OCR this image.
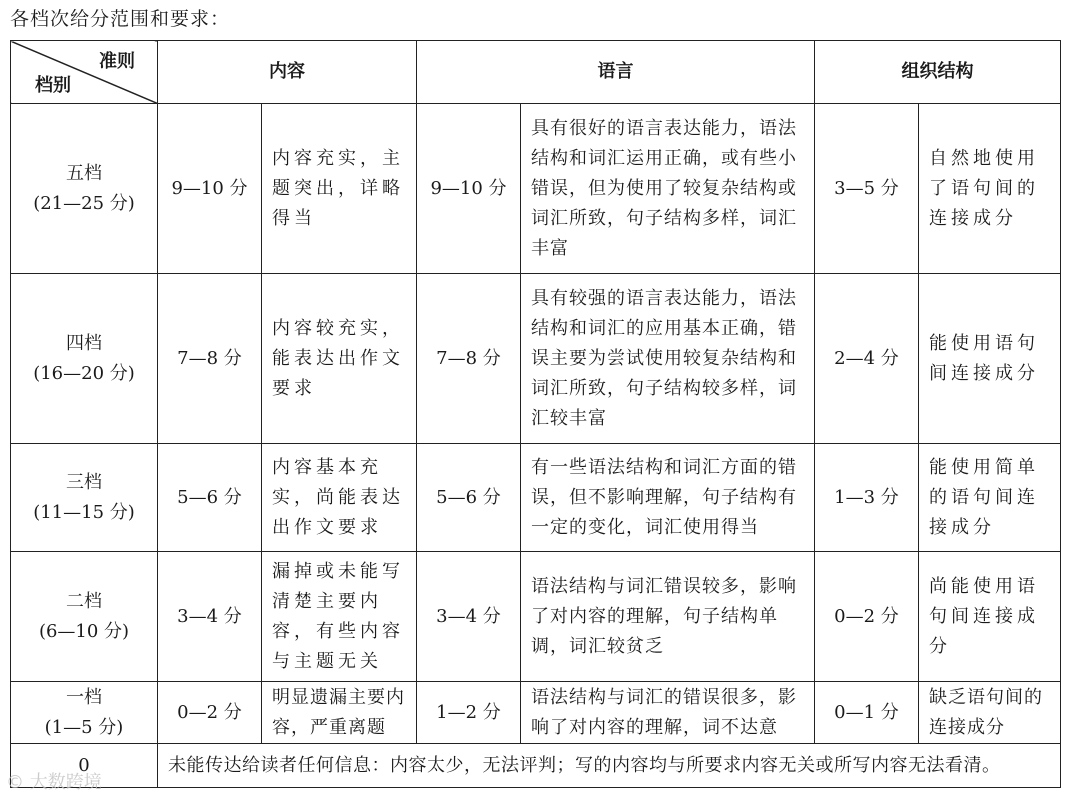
各档次给分范围和要求：
准则
档别	内容		语言		组织结构	

五档
(21—25 分)	9—10 分	内容充实，主题突出，详略得当	9—10 分	具有很好的语言表达能力，语法结构和词汇运用正确，或有些小错误，但为使用了较复杂结构或词汇所致，句子结构多样，词汇丰富	3—5 分	自然地使用了语句间的连接成分

四档
(16—20 分)	7—8 分	内容较充实，能表达出作文要求	7—8 分	具有较强的语言表达能力，语法结构和词汇的应用基本正确，错误主要为尝试使用较复杂结构和词汇所致，句子结构较多样，词汇较丰富	2—4 分	能使用语句间连接成分

三档
(11—15 分)	5—6 分	内容基本充实，尚能表达出作文要求	5—6 分	有一些语法结构和词汇方面的错误，但不影响理解，句子结构有一定的变化，词汇使用得当	1—3 分	能使用简单的语句间连接成分

二档
(6—10 分)	3—4 分	漏掉或未能写清楚主要内容，有些内容与主题无关	3—4 分	语法结构与词汇错误较多，影响了对内容的理解，句子结构单调，词汇较贫乏	0—2 分	尚能使用语句间连接成分

一档
(1—5 分)	0—2 分	明显遗漏主要内容，严重离题	1—2 分	语法结构与词汇的错误很多，影响了对内容的理解，词不达意	0—1 分	缺乏语句间的连接成分
0	未能传达给读者任何信息：内容太少，无法评判；写的内容均与所要求内容无关或所写内容无法看清。					
© 大数跨境
